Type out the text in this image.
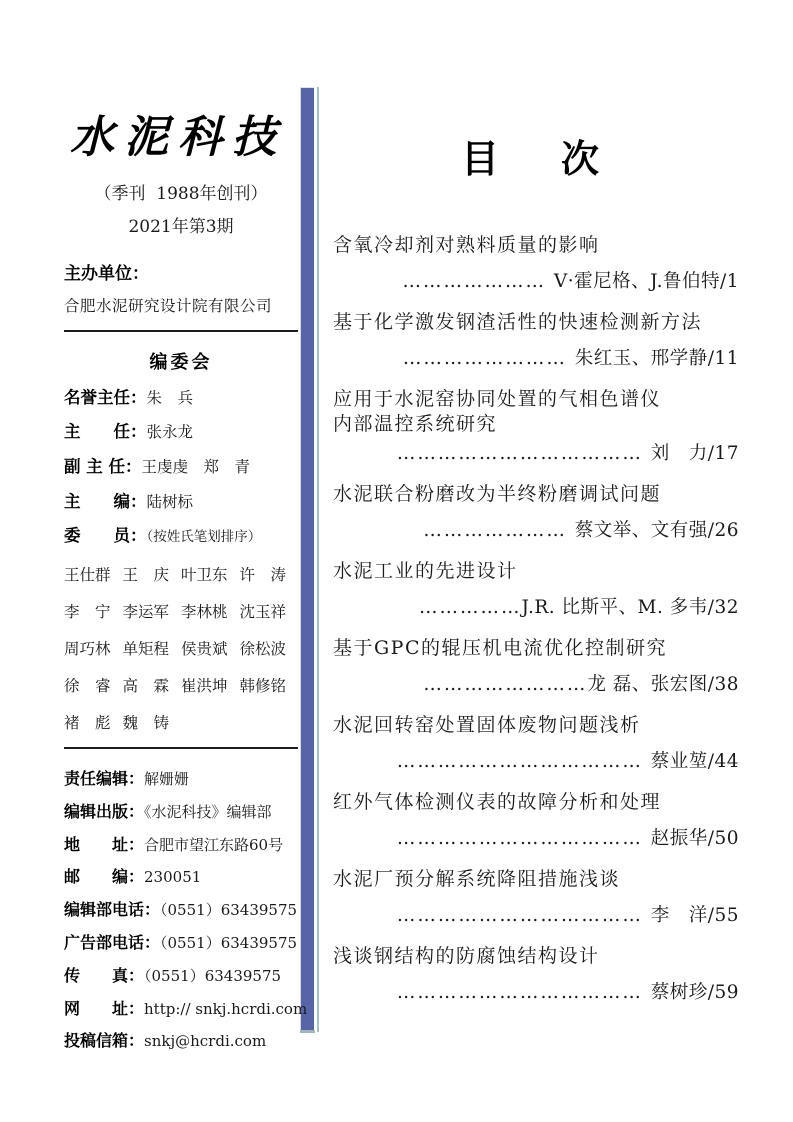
水泥科技
（季刊  1988年创刊）
2021年第3期
主办单位：
合肥水泥研究设计院有限公司
编委会
名誉主任：朱　兵
主　　任：张永龙
副 主 任：王虔虔　郑　青
主　　编：陆树标
委　　员：（按姓氏笔划排序）
王仕群 王　庆 叶卫东 许　涛
李　宁 李运军 李林桃 沈玉祥
周巧林 单矩程 侯贵斌 徐松波
徐　睿 高　霖 崔洪坤 韩修铭
褚　彪 魏　铸
责任编辑：解姗姗
编辑出版：《水泥科技》编辑部
地　　址：合肥市望江东路60号
邮　　编：230051
编辑部电话：（0551）63439575
广告部电话：（0551）63439575
传　　真：（0551）63439575
网　　址：http:// snkj.hcrdi.com
投稿信箱：snkj@hcrdi.com
目　次
含氧冷却剂对熟料质量的影响
………………… V·霍尼格、J.鲁伯特/1
基于化学激发钢渣活性的快速检测新方法
…………………… 朱红玉、邢学静/11
应用于水泥窑协同处置的气相色谱仪
内部温控系统研究
……………………………… 刘　力/17
水泥联合粉磨改为半终粉磨调试问题
………………… 蔡文举、文有强/26
水泥工业的先进设计
……………J.R. 比斯平、M. 多韦/32
基于GPC的辊压机电流优化控制研究
……………………龙 磊、张宏图/38
水泥回转窑处置固体废物问题浅析
……………………………… 蔡业堃/44
红外气体检测仪表的故障分析和处理
……………………………… 赵振华/50
水泥厂预分解系统降阻措施浅谈
……………………………… 李　洋/55
浅谈钢结构的防腐蚀结构设计
……………………………… 蔡树珍/59
